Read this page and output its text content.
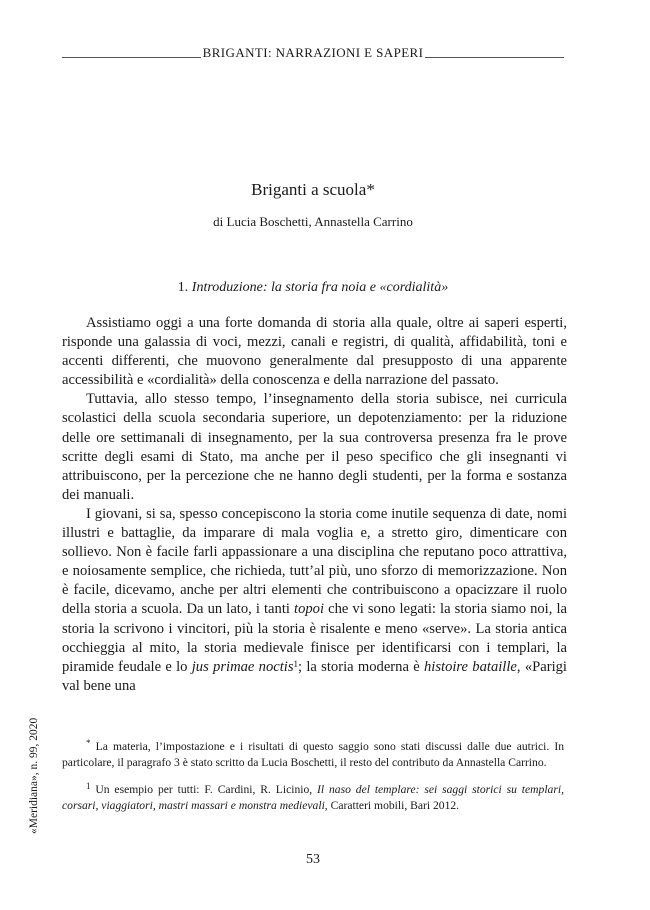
BRIGANTI: NARRAZIONI E SAPERI
Briganti a scuola*
di Lucia Boschetti, Annastella Carrino
1. Introduzione: la storia fra noia e «cordialità»

Assistiamo oggi a una forte domanda di storia alla quale, oltre ai saperi esperti, risponde una galassia di voci, mezzi, canali e registri, di qualità, affidabilità, toni e accenti differenti, che muovono generalmente dal presupposto di una apparente accessibilità e «cordialità» della conoscenza e della narrazione del passato.

Tuttavia, allo stesso tempo, l’insegnamento della storia subisce, nei curricula scolastici della scuola secondaria superiore, un depotenziamento: per la riduzione delle ore settimanali di insegnamento, per la sua controversa presenza fra le prove scritte degli esami di Stato, ma anche per il peso specifico che gli insegnanti vi attribuiscono, per la percezione che ne hanno degli studenti, per la forma e sostanza dei manuali.

I giovani, si sa, spesso concepiscono la storia come inutile sequenza di date, nomi illustri e battaglie, da imparare di mala voglia e, a stretto giro, dimenticare con sollievo. Non è facile farli appassionare a una disciplina che reputano poco attrattiva, e noiosamente semplice, che richieda, tutt’al più, uno sforzo di memorizzazione. Non è facile, dicevamo, anche per altri elementi che contribuiscono a opacizzare il ruolo della storia a scuola. Da un lato, i tanti topoi che vi sono legati: la storia siamo noi, la storia la scrivono i vincitori, più la storia è risalente e meno «serve». La storia antica occhieggia al mito, la storia medievale finisce per identificarsi con i templari, la piramide feudale e lo jus primae noctis$^1$; la storia moderna è histoire bataille, «Parigi val bene una

* La materia, l’impostazione e i risultati di questo saggio sono stati discussi dalle due autrici. In particolare, il paragrafo 3 è stato scritto da Lucia Boschetti, il resto del contributo da Annastella Carrino.

$^1$ Un esempio per tutti: F. Cardini, R. Licinio, Il naso del templare: sei saggi storici su templari, corsari, viaggiatori, mastri massari e monstra medievali, Caratteri mobili, Bari 2012.

«Meridiana», n. 99, 2020
53
